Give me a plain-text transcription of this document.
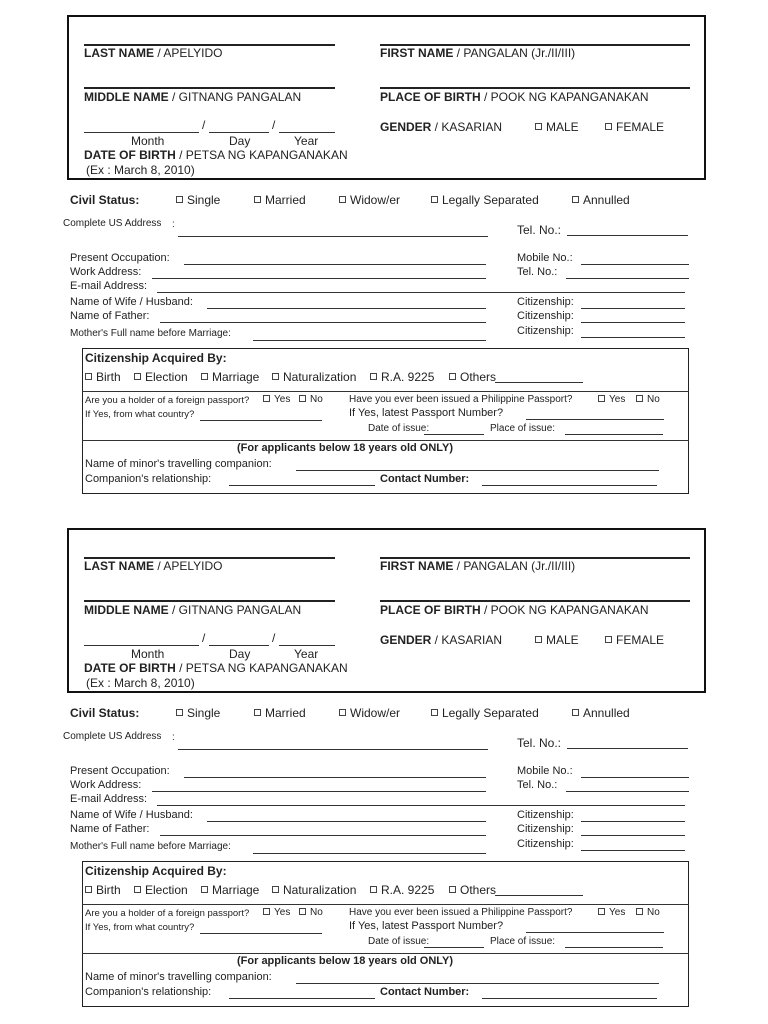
LAST NAME / APELYIDO	FIRST NAME / PANGALAN (Jr./II/III)
MIDDLE NAME / GITNANG PANGALAN	PLACE OF BIRTH / POOK NG KAPANGANAKAN
/	/
Month	Day	Year
DATE OF BIRTH / PETSA NG KAPANGANAKAN
(Ex : March 8, 2010)
GENDER / KASARIAN	MALE	FEMALE
Civil Status:	Single	Married	Widow/er	Legally Separated	Annulled
Complete US Address :	Tel. No.:
Present Occupation:	Mobile No.:
Work Address:	Tel. No.:
E-mail Address:
Name of Wife / Husband:	Citizenship:
Name of Father:	Citizenship:
Mother's Full name before Marriage:	Citizenship:
Citizenship Acquired By:
Birth	Election	Marriage	Naturalization	R.A. 9225	Others
Are you a holder of a foreign passport?	Yes	No
If Yes, from what country?
Have you ever been issued a Philippine Passport?	Yes	No
If Yes, latest Passport Number?
Date of issue:	Place of issue:
(For applicants below 18 years old ONLY)
Name of minor's travelling companion:
Companion's relationship:	Contact Number:
LAST NAME / APELYIDO	FIRST NAME / PANGALAN (Jr./II/III)
MIDDLE NAME / GITNANG PANGALAN	PLACE OF BIRTH / POOK NG KAPANGANAKAN
/	/
Month	Day	Year
DATE OF BIRTH / PETSA NG KAPANGANAKAN
(Ex : March 8, 2010)
GENDER / KASARIAN	MALE	FEMALE
Civil Status:	Single	Married	Widow/er	Legally Separated	Annulled
Complete US Address :	Tel. No.:
Present Occupation:	Mobile No.:
Work Address:	Tel. No.:
E-mail Address:
Name of Wife / Husband:	Citizenship:
Name of Father:	Citizenship:
Mother's Full name before Marriage:	Citizenship:
Citizenship Acquired By:
Birth	Election	Marriage	Naturalization	R.A. 9225	Others
Are you a holder of a foreign passport?	Yes	No
If Yes, from what country?
Have you ever been issued a Philippine Passport?	Yes	No
If Yes, latest Passport Number?
Date of issue:	Place of issue:
(For applicants below 18 years old ONLY)
Name of minor's travelling companion:
Companion's relationship:	Contact Number:
